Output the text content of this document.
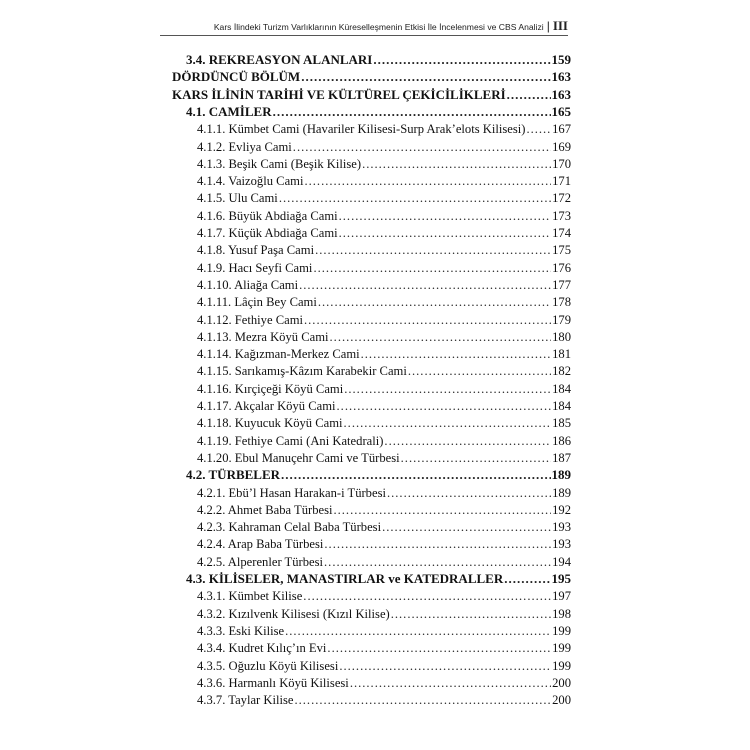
Kars İlindeki Turizm Varlıklarının Küreselleşmenin Etkisi İle İncelenmesi ve CBS Analizi | III
3.4. REKREASYON ALANLARI .....	159
DÖRDÜNCÜ BÖLÜM .....	163
KARS İLİNİN TARİHİ VE KÜLTÜREL ÇEKİCİLİKLERİ .....	163
4.1. CAMİLER .....	165
4.1.1. Kümbet Cami (Havariler Kilisesi-Surp Arak’elots Kilisesi) ..... 167
4.1.2. Evliya Cami .....	169
4.1.3. Beşik Cami (Beşik Kilise) .....	170
4.1.4. Vaizoğlu Cami .....	171
4.1.5. Ulu Cami .....	172
4.1.6. Büyük Abdiağa Cami .....	173
4.1.7. Küçük Abdiağa Cami .....	174
4.1.8. Yusuf Paşa Cami .....	175
4.1.9. Hacı Seyfi Cami .....	176
4.1.10. Aliağa Cami .....	177
4.1.11. Lâçin Bey Cami .....	178
4.1.12. Fethiye Cami .....	179
4.1.13. Mezra Köyü Cami .....	180
4.1.14. Kağızman-Merkez Cami .....	181
4.1.15. Sarıkamış-Kâzım Karabekir Cami .....	182
4.1.16. Kırçiçeği Köyü Cami .....	184
4.1.17. Akçalar Köyü Cami .....	184
4.1.18. Kuyucuk Köyü Cami .....	185
4.1.19. Fethiye Cami (Ani Katedrali) .....	186
4.1.20. Ebul Manuçehr Cami ve Türbesi .....	187
4.2. TÜRBELER .....	189
4.2.1. Ebü’l Hasan Harakan-i Türbesi .....	189
4.2.2. Ahmet Baba Türbesi .....	192
4.2.3. Kahraman Celal Baba Türbesi .....	193
4.2.4. Arap Baba Türbesi .....	193
4.2.5. Alperenler Türbesi .....	194
4.3. KİLİSELER, MANASTIRLAR ve KATEDRALLER .....	195
4.3.1. Kümbet Kilise .....	197
4.3.2. Kızılvenk Kilisesi (Kızıl Kilise) .....	198
4.3.3. Eski Kilise .....	199
4.3.4. Kudret Kılıç’ın Evi .....	199
4.3.5. Oğuzlu Köyü Kilisesi .....	199
4.3.6. Harmanlı Köyü Kilisesi .....	200
4.3.7. Taylar Kilise .....	200
